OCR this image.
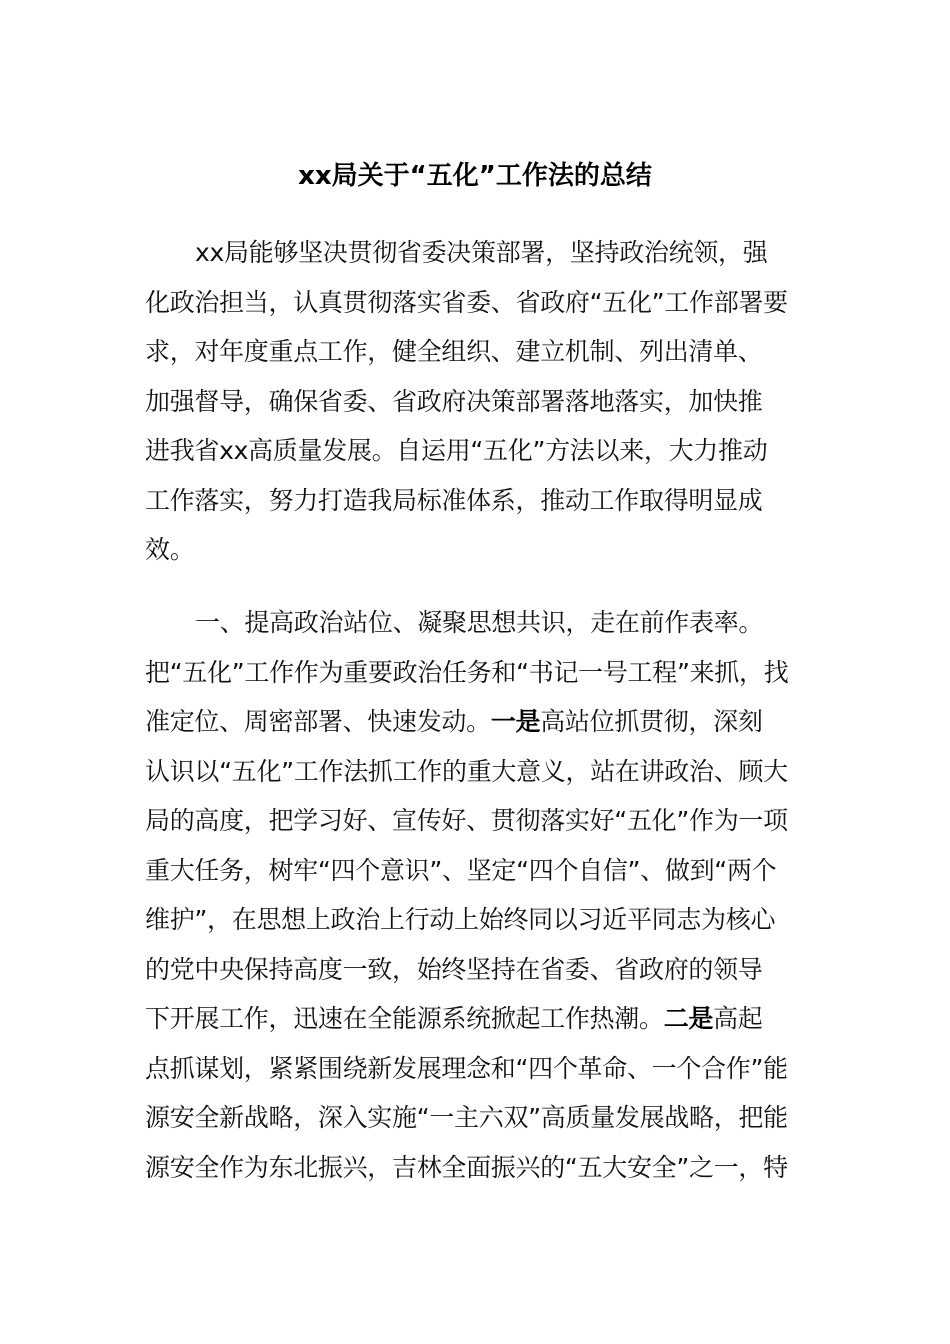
xx局关于“五化”工作法的总结
xx局能够坚决贯彻省委决策部署，坚持政治统领，强
化政治担当，认真贯彻落实省委、省政府“五化”工作部署要
求，对年度重点工作，健全组织、建立机制、列出清单、
加强督导，确保省委、省政府决策部署落地落实，加快推
进我省xx高质量发展。自运用“五化”方法以来，大力推动
工作落实，努力打造我局标准体系，推动工作取得明显成
效。
一、提高政治站位、凝聚思想共识，走在前作表率。
把“五化”工作作为重要政治任务和“书记一号工程”来抓，找
准定位、周密部署、快速发动。一是高站位抓贯彻，深刻
认识以“五化”工作法抓工作的重大意义，站在讲政治、顾大
局的高度，把学习好、宣传好、贯彻落实好“五化”作为一项
重大任务，树牢“四个意识”、坚定“四个自信”、做到“两个
维护”，在思想上政治上行动上始终同以习近平同志为核心
的党中央保持高度一致，始终坚持在省委、省政府的领导
下开展工作，迅速在全能源系统掀起工作热潮。二是高起
点抓谋划，紧紧围绕新发展理念和“四个革命、一个合作”能
源安全新战略，深入实施“一主六双”高质量发展战略，把能
源安全作为东北振兴，吉林全面振兴的“五大安全”之一，特
